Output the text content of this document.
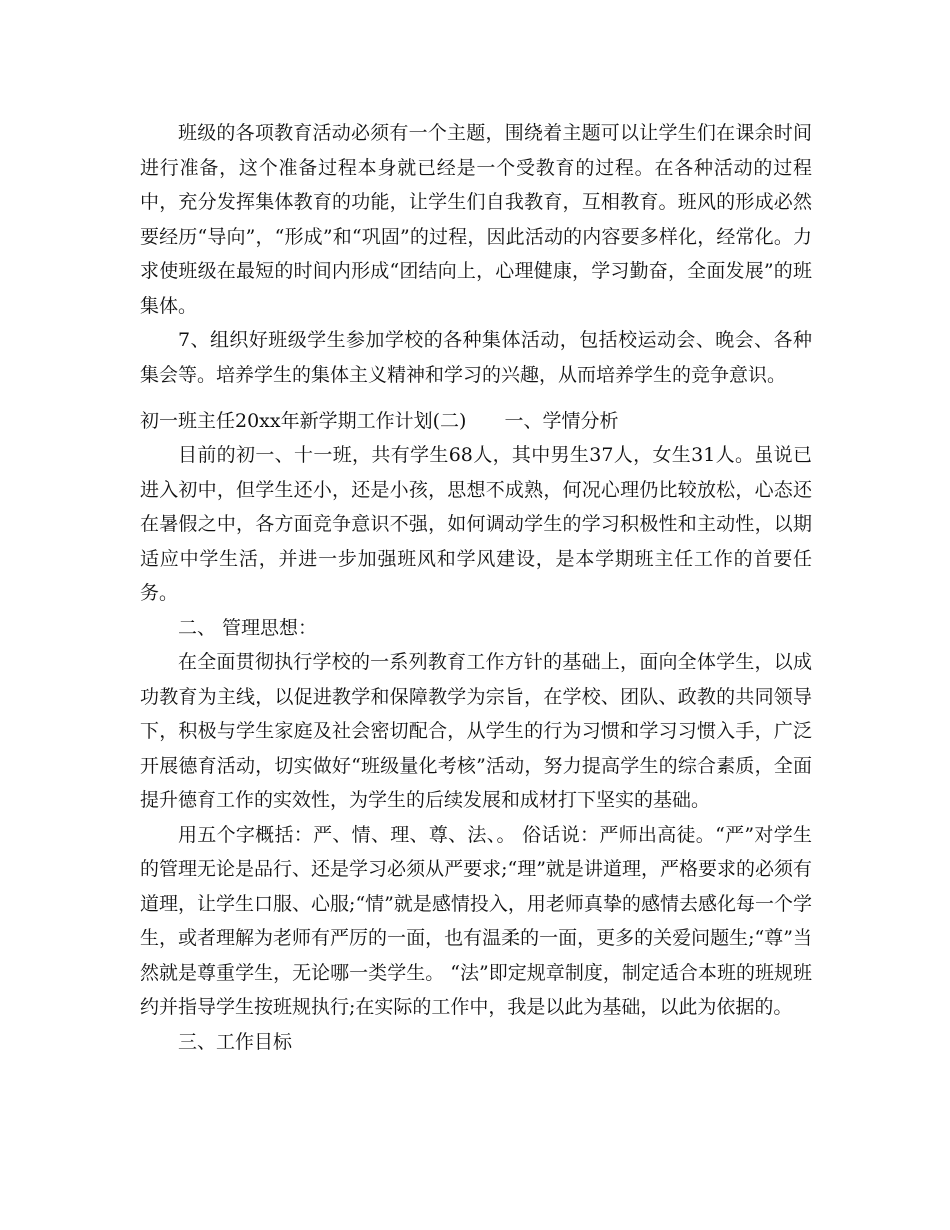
班级的各项教育活动必须有一个主题，围绕着主题可以让学生们在课余时间进行准备，这个准备过程本身就已经是一个受教育的过程。在各种活动的过程中，充分发挥集体教育的功能，让学生们自我教育，互相教育。班风的形成必然要经历“导向”，“形成”和“巩固”的过程，因此活动的内容要多样化，经常化。力求使班级在最短的时间内形成“团结向上，心理健康，学习勤奋，全面发展”的班集体。

7、组织好班级学生参加学校的各种集体活动，包括校运动会、晚会、各种集会等。培养学生的集体主义精神和学习的兴趣，从而培养学生的竞争意识。

初一班主任20xx年新学期工作计划(二) 一、学情分析

目前的初一、十一班，共有学生68人，其中男生37人，女生31人。虽说已进入初中，但学生还小，还是小孩，思想不成熟，何况心理仍比较放松，心态还在暑假之中，各方面竞争意识不强，如何调动学生的学习积极性和主动性，以期适应中学生活，并进一步加强班风和学风建设，是本学期班主任工作的首要任务。

二、 管理思想：

在全面贯彻执行学校的一系列教育工作方针的基础上，面向全体学生，以成功教育为主线，以促进教学和保障教学为宗旨，在学校、团队、政教的共同领导下，积极与学生家庭及社会密切配合，从学生的行为习惯和学习习惯入手，广泛开展德育活动，切实做好“班级量化考核”活动，努力提高学生的综合素质，全面提升德育工作的实效性，为学生的后续发展和成材打下坚实的基础。

用五个字概括：严、情、理、尊、法、。 俗话说：严师出高徒。“严”对学生的管理无论是品行、还是学习必须从严要求;“理”就是讲道理，严格要求的必须有道理，让学生口服、心服;“情”就是感情投入，用老师真挚的感情去感化每一个学生，或者理解为老师有严厉的一面，也有温柔的一面，更多的关爱问题生;“尊”当然就是尊重学生，无论哪一类学生。 “法”即定规章制度，制定适合本班的班规班约并指导学生按班规执行;在实际的工作中，我是以此为基础，以此为依据的。

三、工作目标
